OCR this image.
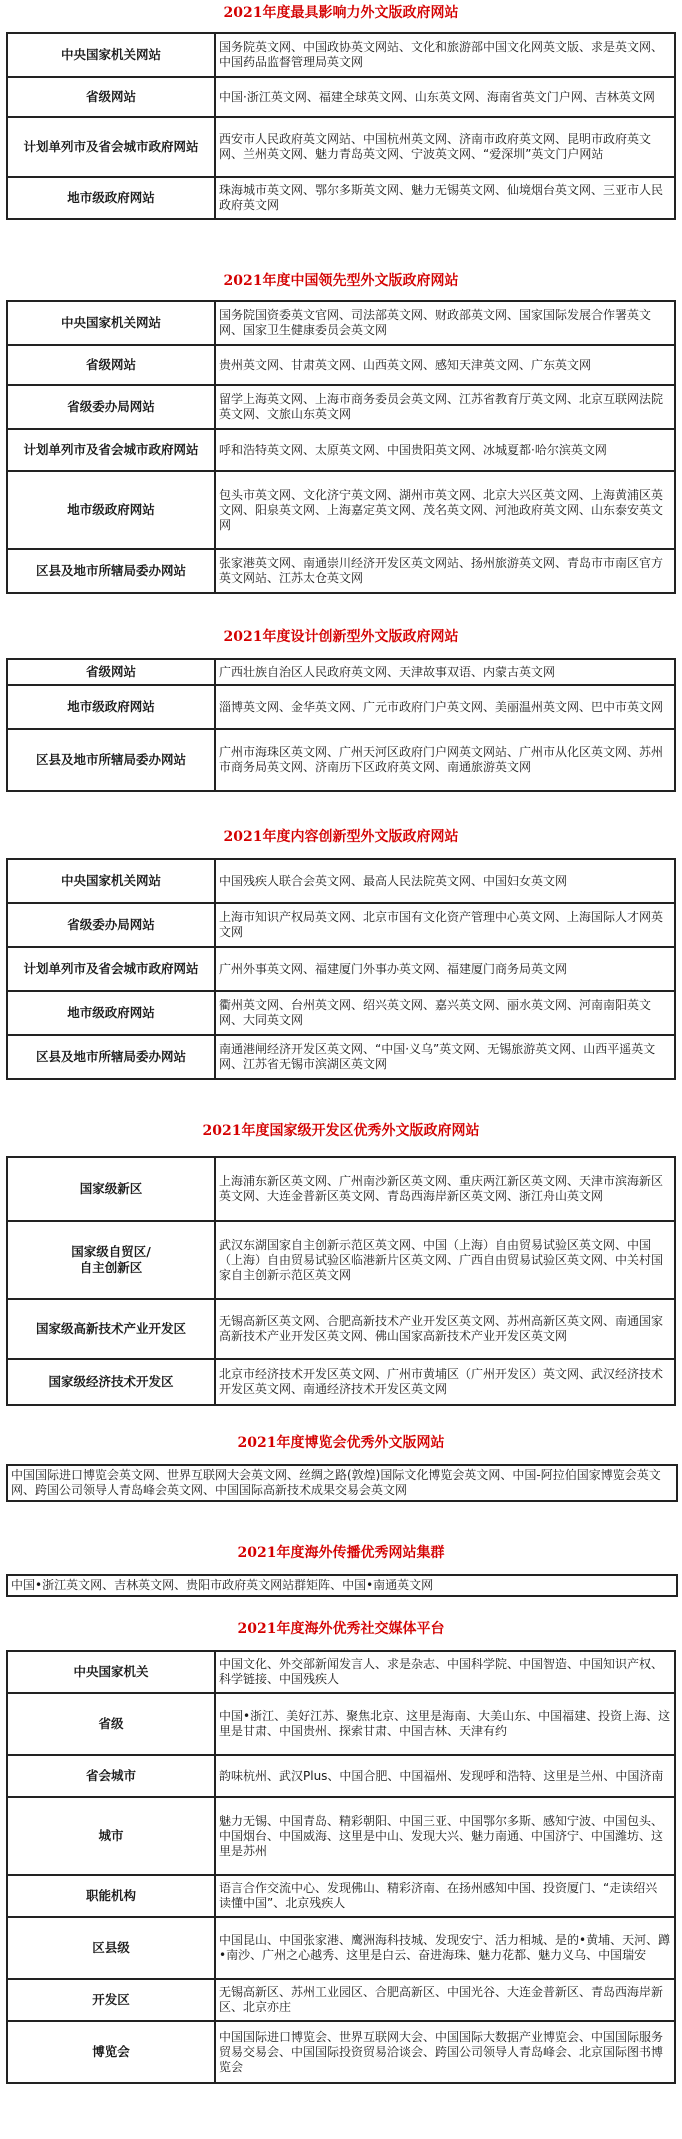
2021年度最具影响力外文版政府网站
中央国家机关网站	国务院英文网、中国政协英文网站、文化和旅游部中国文化网英文版、求是英文网、中国药品监督管理局英文网
省级网站	中国·浙江英文网、福建全球英文网、山东英文网、海南省英文门户网、吉林英文网
计划单列市及省会城市政府网站	西安市人民政府英文网站、中国杭州英文网、济南市政府英文网、昆明市政府英文网、兰州英文网、魅力青岛英文网、宁波英文网、“爱深圳”英文门户网站
地市级政府网站	珠海城市英文网、鄂尔多斯英文网、魅力无锡英文网、仙境烟台英文网、三亚市人民政府英文网
2021年度中国领先型外文版政府网站
中央国家机关网站	国务院国资委英文官网、司法部英文网、财政部英文网、国家国际发展合作署英文网、国家卫生健康委员会英文网
省级网站	贵州英文网、甘肃英文网、山西英文网、感知天津英文网、广东英文网
省级委办局网站	留学上海英文网、上海市商务委员会英文网、江苏省教育厅英文网、北京互联网法院英文网、文旅山东英文网
计划单列市及省会城市政府网站	呼和浩特英文网、太原英文网、中国贵阳英文网、冰城夏都·哈尔滨英文网
地市级政府网站	包头市英文网、文化济宁英文网、湖州市英文网、北京大兴区英文网、上海黄浦区英文网、阳泉英文网、上海嘉定英文网、茂名英文网、河池政府英文网、山东泰安英文网
区县及地市所辖局委办网站	张家港英文网、南通崇川经济开发区英文网站、扬州旅游英文网、青岛市市南区官方英文网站、江苏太仓英文网
2021年度设计创新型外文版政府网站
省级网站	广西壮族自治区人民政府英文网、天津故事双语、内蒙古英文网
地市级政府网站	淄博英文网、金华英文网、广元市政府门户英文网、美丽温州英文网、巴中市英文网
区县及地市所辖局委办网站	广州市海珠区英文网、广州天河区政府门户网英文网站、广州市从化区英文网、苏州市商务局英文网、济南历下区政府英文网、南通旅游英文网
2021年度内容创新型外文版政府网站
中央国家机关网站	中国残疾人联合会英文网、最高人民法院英文网、中国妇女英文网
省级委办局网站	上海市知识产权局英文网、北京市国有文化资产管理中心英文网、上海国际人才网英文网
计划单列市及省会城市政府网站	广州外事英文网、福建厦门外事办英文网、福建厦门商务局英文网
地市级政府网站	衢州英文网、台州英文网、绍兴英文网、嘉兴英文网、丽水英文网、河南南阳英文网、大同英文网
区县及地市所辖局委办网站	南通港闸经济开发区英文网、“中国·义乌”英文网、无锡旅游英文网、山西平遥英文网、江苏省无锡市滨湖区英文网
2021年度国家级开发区优秀外文版政府网站
国家级新区	上海浦东新区英文网、广州南沙新区英文网、重庆两江新区英文网、天津市滨海新区英文网、大连金普新区英文网、青岛西海岸新区英文网、浙江舟山英文网
国家级自贸区/
自主创新区	武汉东湖国家自主创新示范区英文网、中国（上海）自由贸易试验区英文网、中国（上海）自由贸易试验区临港新片区英文网、广西自由贸易试验区英文网、中关村国家自主创新示范区英文网
国家级高新技术产业开发区	无锡高新区英文网、合肥高新技术产业开发区英文网、苏州高新区英文网、南通国家高新技术产业开发区英文网、佛山国家高新技术产业开发区英文网
国家级经济技术开发区	北京市经济技术开发区英文网、广州市黄埔区（广州开发区）英文网、武汉经济技术开发区英文网、南通经济技术开发区英文网
2021年度博览会优秀外文版网站
中国国际进口博览会英文网、世界互联网大会英文网、丝绸之路(敦煌)国际文化博览会英文网、中国-阿拉伯国家博览会英文网、跨国公司领导人青岛峰会英文网、中国国际高新技术成果交易会英文网
2021年度海外传播优秀网站集群
中国•浙江英文网、吉林英文网、贵阳市政府英文网站群矩阵、中国•南通英文网
2021年度海外优秀社交媒体平台
中央国家机关	中国文化、外交部新闻发言人、求是杂志、中国科学院、中国智造、中国知识产权、科学链接、中国残疾人
省级	中国•浙江、美好江苏、聚焦北京、这里是海南、大美山东、中国福建、投资上海、这里是甘肃、中国贵州、探索甘肃、中国吉林、天津有约
省会城市	韵味杭州、武汉Plus、中国合肥、中国福州、发现呼和浩特、这里是兰州、中国济南
城市	魅力无锡、中国青岛、精彩朝阳、中国三亚、中国鄂尔多斯、感知宁波、中国包头、中国烟台、中国威海、这里是中山、发现大兴、魅力南通、中国济宁、中国潍坊、这里是苏州
职能机构	语言合作交流中心、发现佛山、精彩济南、在扬州感知中国、投资厦门、“走读绍兴 读懂中国”、北京残疾人
区县级	中国昆山、中国张家港、鹰洲海科技城、发现安宁、活力相城、是的•黄埔、天河、蹲•南沙、广州之心越秀、这里是白云、奋进海珠、魅力花都、魅力义乌、中国瑞安
开发区	无锡高新区、苏州工业园区、合肥高新区、中国光谷、大连金普新区、青岛西海岸新区、北京亦庄
博览会	中国国际进口博览会、世界互联网大会、中国国际大数据产业博览会、中国国际服务贸易交易会、中国国际投资贸易洽谈会、跨国公司领导人青岛峰会、北京国际图书博览会
